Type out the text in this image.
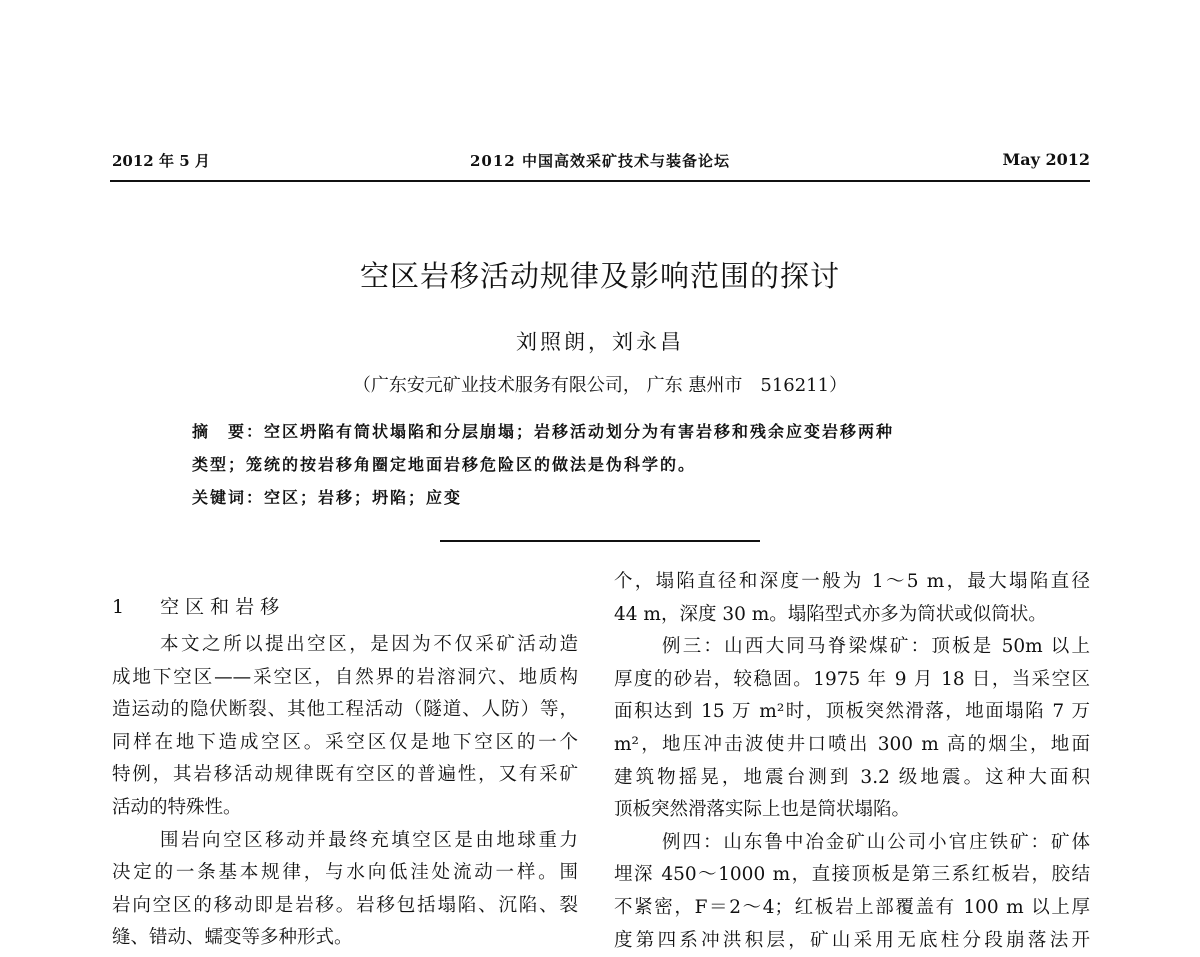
2012 年 5 月	2012 中国高效采矿技术与装备论坛	May 2012
空区岩移活动规律及影响范围的探讨
刘照朗，刘永昌
（广东安元矿业技术服务有限公司， 广东 惠州市　516211）
摘　要：空区坍陷有筒状塌陷和分层崩塌；岩移活动划分为有害岩移和残余应变岩移两种
类型；笼统的按岩移角圈定地面岩移危险区的做法是伪科学的。
关键词：空区；岩移；坍陷；应变
1 空区和岩移
本文之所以提出空区，是因为不仅采矿活动造
成地下空区——采空区，自然界的岩溶洞穴、地质构
造运动的隐伏断裂、其他工程活动（隧道、人防）等，
同样在地下造成空区。采空区仅是地下空区的一个
特例，其岩移活动规律既有空区的普遍性，又有采矿
活动的特殊性。
围岩向空区移动并最终充填空区是由地球重力
决定的一条基本规律，与水向低洼处流动一样。围
岩向空区的移动即是岩移。岩移包括塌陷、沉陷、裂
缝、错动、蠕变等多种形式。
个，塌陷直径和深度一般为 1～5 m，最大塌陷直径
44 m，深度 30 m。塌陷型式亦多为筒状或似筒状。
例三：山西大同马脊梁煤矿：顶板是 50m 以上
厚度的砂岩，较稳固。1975 年 9 月 18 日，当采空区
面积达到 15 万 m²时，顶板突然滑落，地面塌陷 7 万
m²，地压冲击波使井口喷出 300 m 高的烟尘，地面
建筑物摇晃，地震台测到 3.2 级地震。这种大面积
顶板突然滑落实际上也是筒状塌陷。
例四：山东鲁中冶金矿山公司小官庄铁矿：矿体
埋深 450～1000 m，直接顶板是第三系红板岩，胶结
不紧密，F＝2～4；红板岩上部覆盖有 100 m 以上厚
度第四系冲洪积层，矿山采用无底柱分段崩落法开
